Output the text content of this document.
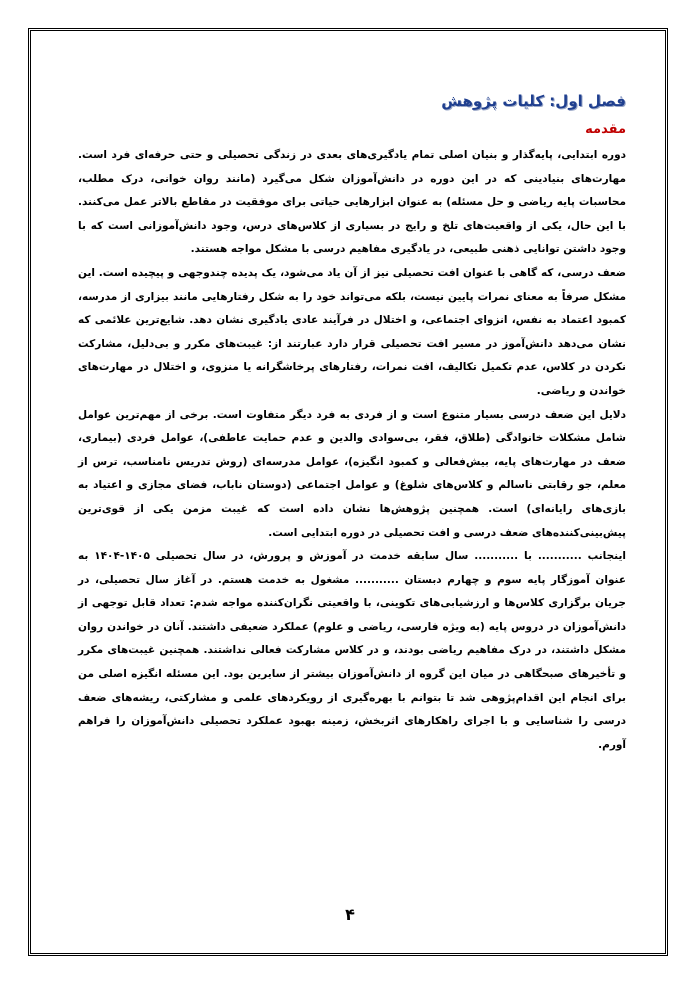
فصل اول: کلیات پژوهش
مقدمه

دوره ابتدایی، پایه‌گذار و بنیان اصلی تمام یادگیری‌های بعدی در زندگی تحصیلی و حتی حرفه‌ای فرد است. مهارت‌های بنیادینی که در این دوره در دانش‌آموزان شکل می‌گیرد (مانند روان خوانی، درک مطلب، محاسبات پایه ریاضی و حل مسئله) به عنوان ابزارهایی حیاتی برای موفقیت در مقاطع بالاتر عمل می‌کنند. با این حال، یکی از واقعیت‌های تلخ و رایج در بسیاری از کلاس‌های درس، وجود دانش‌آموزانی است که با وجود داشتن توانایی ذهنی طبیعی، در یادگیری مفاهیم درسی با مشکل مواجه هستند.

ضعف درسی، که گاهی با عنوان افت تحصیلی نیز از آن یاد می‌شود، یک پدیده چندوجهی و پیچیده است. این مشکل صرفاً به معنای نمرات پایین نیست، بلکه می‌تواند خود را به شکل رفتارهایی مانند بیزاری از مدرسه، کمبود اعتماد به نفس، انزوای اجتماعی، و اختلال در فرآیند عادی یادگیری نشان دهد. شایع‌ترین علائمی که نشان می‌دهد دانش‌آموز در مسیر افت تحصیلی قرار دارد عبارتند از: غیبت‌های مکرر و بی‌دلیل، مشارکت نکردن در کلاس، عدم تکمیل تکالیف، افت نمرات، رفتارهای پرخاشگرانه یا منزوی، و اختلال در مهارت‌های خواندن و ریاضی.

دلایل این ضعف درسی بسیار متنوع است و از فردی به فرد دیگر متفاوت است. برخی از مهم‌ترین عوامل شامل مشکلات خانوادگی (طلاق، فقر، بی‌سوادی والدین و عدم حمایت عاطفی)، عوامل فردی (بیماری، ضعف در مهارت‌های پایه، بیش‌فعالی و کمبود انگیزه)، عوامل مدرسه‌ای (روش تدریس نامناسب، ترس از معلم، جو رقابتی ناسالم و کلاس‌های شلوغ) و عوامل اجتماعی (دوستان ناباب، فضای مجازی و اعتیاد به بازی‌های رایانه‌ای) است. همچنین پژوهش‌ها نشان داده است که غیبت مزمن یکی از قوی‌ترین پیش‌بینی‌کننده‌های ضعف درسی و افت تحصیلی در دوره ابتدایی است.

اینجانب ........... با ........... سال سابقه خدمت در آموزش و پرورش، در سال تحصیلی ۱۴۰۵-۱۴۰۴ به عنوان آموزگار پایه سوم و چهارم دبستان ........... مشغول به خدمت هستم. در آغاز سال تحصیلی، در جریان برگزاری کلاس‌ها و ارزشیابی‌های تکوینی، با واقعیتی نگران‌کننده مواجه شدم: تعداد قابل توجهی از دانش‌آموزان در دروس پایه (به ویژه فارسی، ریاضی و علوم) عملکرد ضعیفی داشتند. آنان در خواندن روان مشکل داشتند، در درک مفاهیم ریاضی بودند، و در کلاس مشارکت فعالی نداشتند. همچنین غیبت‌های مکرر و تأخیرهای صبحگاهی در میان این گروه از دانش‌آموزان بیشتر از سایرین بود. این مسئله انگیزه اصلی من برای انجام این اقدام‌پژوهی شد تا بتوانم با بهره‌گیری از رویکردهای علمی و مشارکتی، ریشه‌های ضعف درسی را شناسایی و با اجرای راهکارهای اثربخش، زمینه بهبود عملکرد تحصیلی دانش‌آموزان را فراهم آورم.

۴
